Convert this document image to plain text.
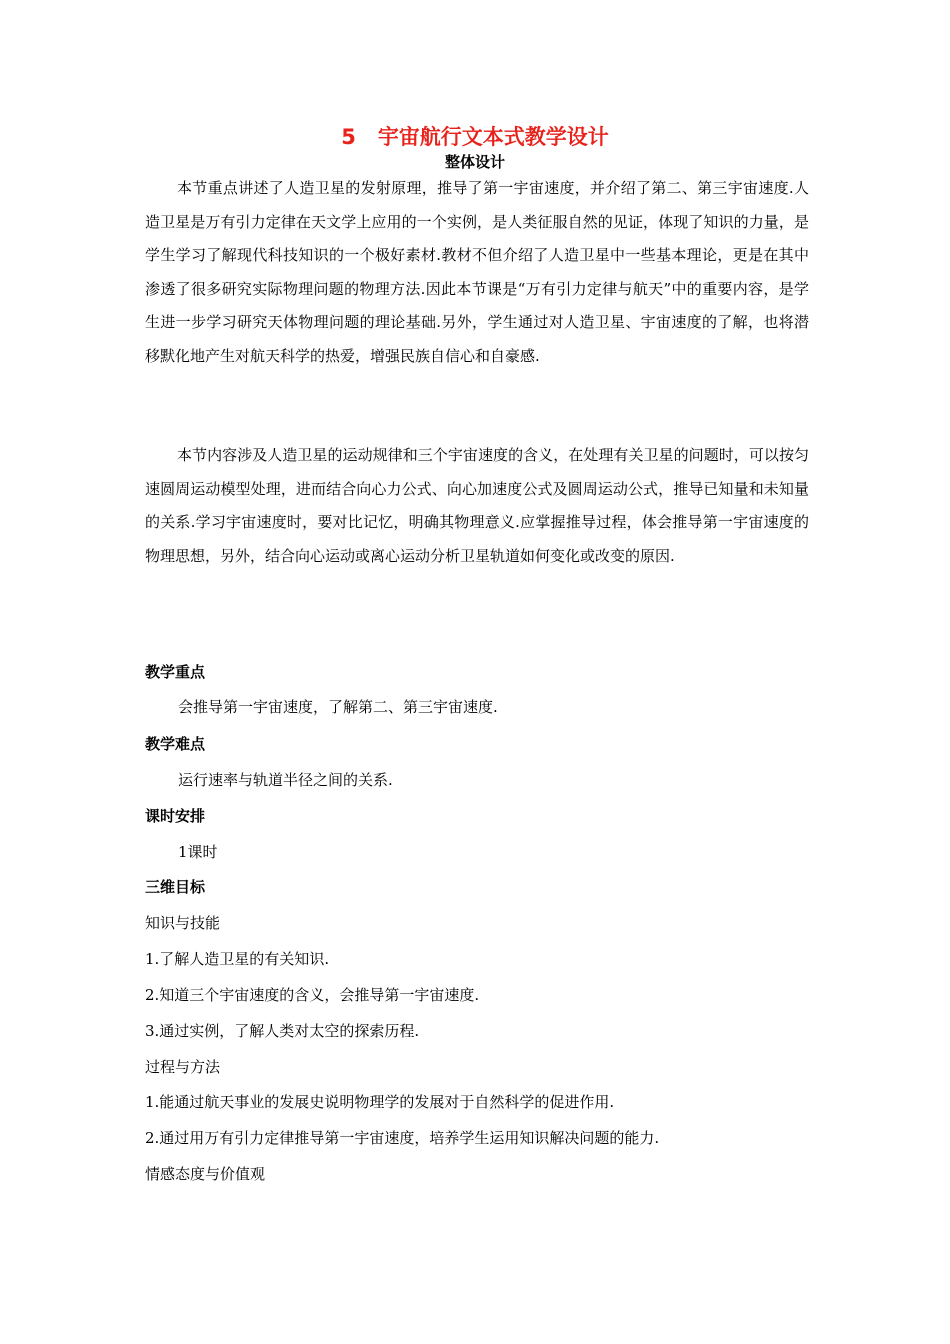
5 宇宙航行文本式教学设计
整体设计

本节重点讲述了人造卫星的发射原理，推导了第一宇宙速度，并介绍了第二、第三宇宙速度.人造卫星是万有引力定律在天文学上应用的一个实例，是人类征服自然的见证，体现了知识的力量，是学生学习了解现代科技知识的一个极好素材.教材不但介绍了人造卫星中一些基本理论，更是在其中渗透了很多研究实际物理问题的物理方法.因此本节课是“万有引力定律与航天”中的重要内容，是学生进一步学习研究天体物理问题的理论基础.另外，学生通过对人造卫星、宇宙速度的了解，也将潜移默化地产生对航天科学的热爱，增强民族自信心和自豪感.

本节内容涉及人造卫星的运动规律和三个宇宙速度的含义，在处理有关卫星的问题时，可以按匀速圆周运动模型处理，进而结合向心力公式、向心加速度公式及圆周运动公式，推导已知量和未知量的关系.学习宇宙速度时，要对比记忆，明确其物理意义.应掌握推导过程，体会推导第一宇宙速度的物理思想，另外，结合向心运动或离心运动分析卫星轨道如何变化或改变的原因.

教学重点
会推导第一宇宙速度，了解第二、第三宇宙速度.
教学难点
运行速率与轨道半径之间的关系.
课时安排
1课时
三维目标
知识与技能
1.了解人造卫星的有关知识.
2.知道三个宇宙速度的含义，会推导第一宇宙速度.
3.通过实例，了解人类对太空的探索历程.
过程与方法
1.能通过航天事业的发展史说明物理学的发展对于自然科学的促进作用.
2.通过用万有引力定律推导第一宇宙速度，培养学生运用知识解决问题的能力.
情感态度与价值观
